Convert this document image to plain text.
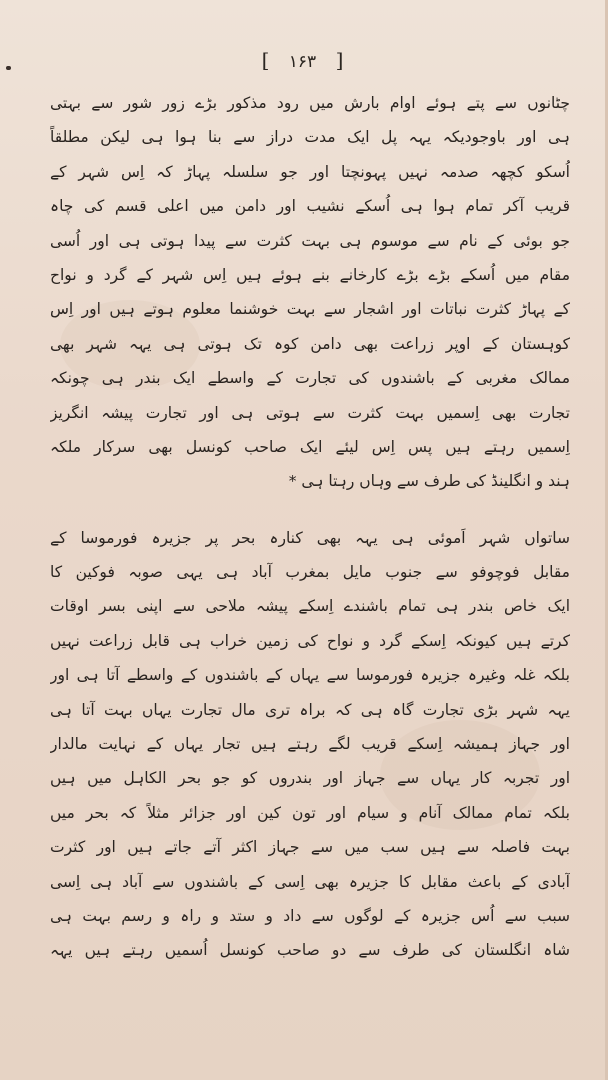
[ ۱۶۳ ]
چٹانوں سے پتے ہوئے اوام بارش میں رود مذکور بڑے زور شور سے بہتی
ہی اور باوجودیکہ یہہ پل ایک مدت دراز سے بنا ہوا ہی لیکن مطلقاً
اُسکو کچھہ صدمہ نہیں پہونچتا اور جو سلسلہ پہاڑ کہ اِس شہر کے
قریب آکر تمام ہوا ہی اُسکے نشیب اور دامن میں اعلی قسم کی چاہ
جو بوئی کے نام سے موسوم ہی بہت کثرت سے پیدا ہوتی ہی اور اُسی
مقام میں اُسکے بڑے بڑے کارخانے بنے ہوئے ہیں اِس شہر کے گرد و نواح
کے پہاڑ کثرت نباتات اور اشجار سے بہت خوشنما معلوم ہوتے ہیں اور اِس
کوہستان کے اوپر زراعت بھی دامن کوہ تک ہوتی ہی یہہ شہر بھی
ممالک مغربی کے باشندوں کی تجارت کے واسطے ایک بندر ہی چونکہ
تجارت بھی اِسمیں بہت کثرت سے ہوتی ہی اور تجارت پیشہ انگریز
اِسمیں رہتے ہیں پس اِس لیئے ایک صاحب کونسل بھی سرکار ملکہ
ہند و انگلینڈ کی طرف سے وہاں رہتا ہی *
ساتواں شہر اَموئی ہی یہہ بھی کنارہ بحر پر جزیرہ فورموسا کے
مقابل فوچوفو سے جنوب مایل بمغرب آباد ہی یہی صوبہ فوکین کا
ایک خاص بندر ہی تمام باشندے اِسکے پیشہ ملاحی سے اپنی بسر اوقات
کرتے ہیں کیونکہ اِسکے گرد و نواح کی زمین خراب ہی قابل زراعت نہیں
بلکہ غلہ وغیرہ جزیرہ فورموسا سے یہاں کے باشندوں کے واسطے آتا ہی اور
یہہ شہر بڑی تجارت گاہ ہی کہ براہ تری مال تجارت یہاں بہت آتا ہی
اور جہاز ہمیشہ اِسکے قریب لگے رہتے ہیں تجار یہاں کے نہایت مالدار
اور تجربہ کار یہاں سے جہاز اور بندروں کو جو بحر الکاہل میں ہیں
بلکہ تمام ممالک آنام و سیام اور تون کین اور جزائر مثلاً کہ بحر میں
بہت فاصلہ سے ہیں سب میں سے جہاز اکثر آتے جاتے ہیں اور کثرت
آبادی کے باعث مقابل کا جزیرہ بھی اِسی کے باشندوں سے آباد ہی اِسی
سبب سے اُس جزیرہ کے لوگوں سے داد و ستد و راہ و رسم بہت ہی
شاہ انگلستان کی طرف سے دو صاحب کونسل اُسمیں رہتے ہیں یہہ
